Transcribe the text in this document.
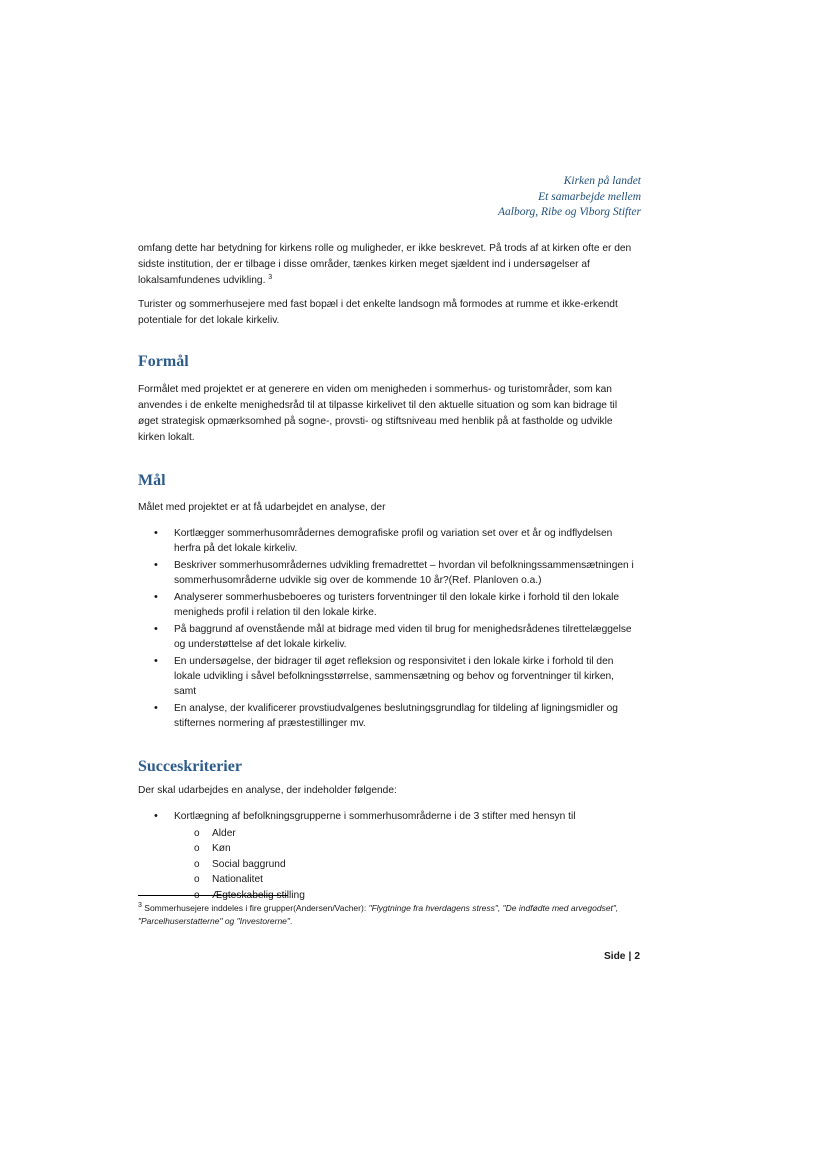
Kirken på landet
Et samarbejde mellem
Aalborg, Ribe og Viborg Stifter

omfang dette har betydning for kirkens rolle og muligheder, er ikke beskrevet. På trods af at kirken ofte er den sidste institution, der er tilbage i disse områder, tænkes kirken meget sjældent ind i undersøgelser af lokalsamfundenes udvikling. $^3$

Turister og sommerhusejere med fast bopæl i det enkelte landsogn må formodes at rumme et ikke-erkendt potentiale for det lokale kirkeliv.

Formål

Formålet med projektet er at generere en viden om menigheden i sommerhus- og turistområder, som kan anvendes i de enkelte menighedsråd til at tilpasse kirkelivet til den aktuelle situation og som kan bidrage til øget strategisk opmærksomhed på sogne-, provsti- og stiftsniveau med henblik på at fastholde og udvikle kirken lokalt.

Mål

Målet med projektet er at få udarbejdet en analyse, der

• Kortlægger sommerhusområdernes demografiske profil og variation set over et år og indflydelsen herfra på det lokale kirkeliv.
• Beskriver sommerhusområdernes udvikling fremadrettet – hvordan vil befolkningssammensætningen i sommerhusområderne udvikle sig over de kommende 10 år?(Ref. Planloven o.a.)
• Analyserer sommerhusbeboeres og turisters forventninger til den lokale kirke i forhold til den lokale menigheds profil i relation til den lokale kirke.
• På baggrund af ovenstående mål at bidrage med viden til brug for menighedsrådenes tilrettelæggelse og understøttelse af det lokale kirkeliv.
• En undersøgelse, der bidrager til øget refleksion og responsivitet i den lokale kirke i forhold til den lokale udvikling i såvel befolkningsstørrelse, sammensætning og behov og forventninger til kirken, samt
• En analyse, der kvalificerer provstiudvalgenes beslutningsgrundlag for tildeling af ligningsmidler og stifternes normering af præstestillinger mv.
Succeskriterier

Der skal udarbejdes en analyse, der indeholder følgende:

• Kortlægning af befolkningsgrupperne i sommerhusområderne i de 3 stifter med hensyn til
o Alder
o Køn
o Social baggrund
o Nationalitet
o Ægteskabelig stilling
$^3$ Sommerhusejere inddeles i fire grupper(Andersen/Vacher): "Flygtninge fra hverdagens stress", "De indfødte med arvegodset", "Parcelhuserstatterne" og "Investorerne".
Side | 2
